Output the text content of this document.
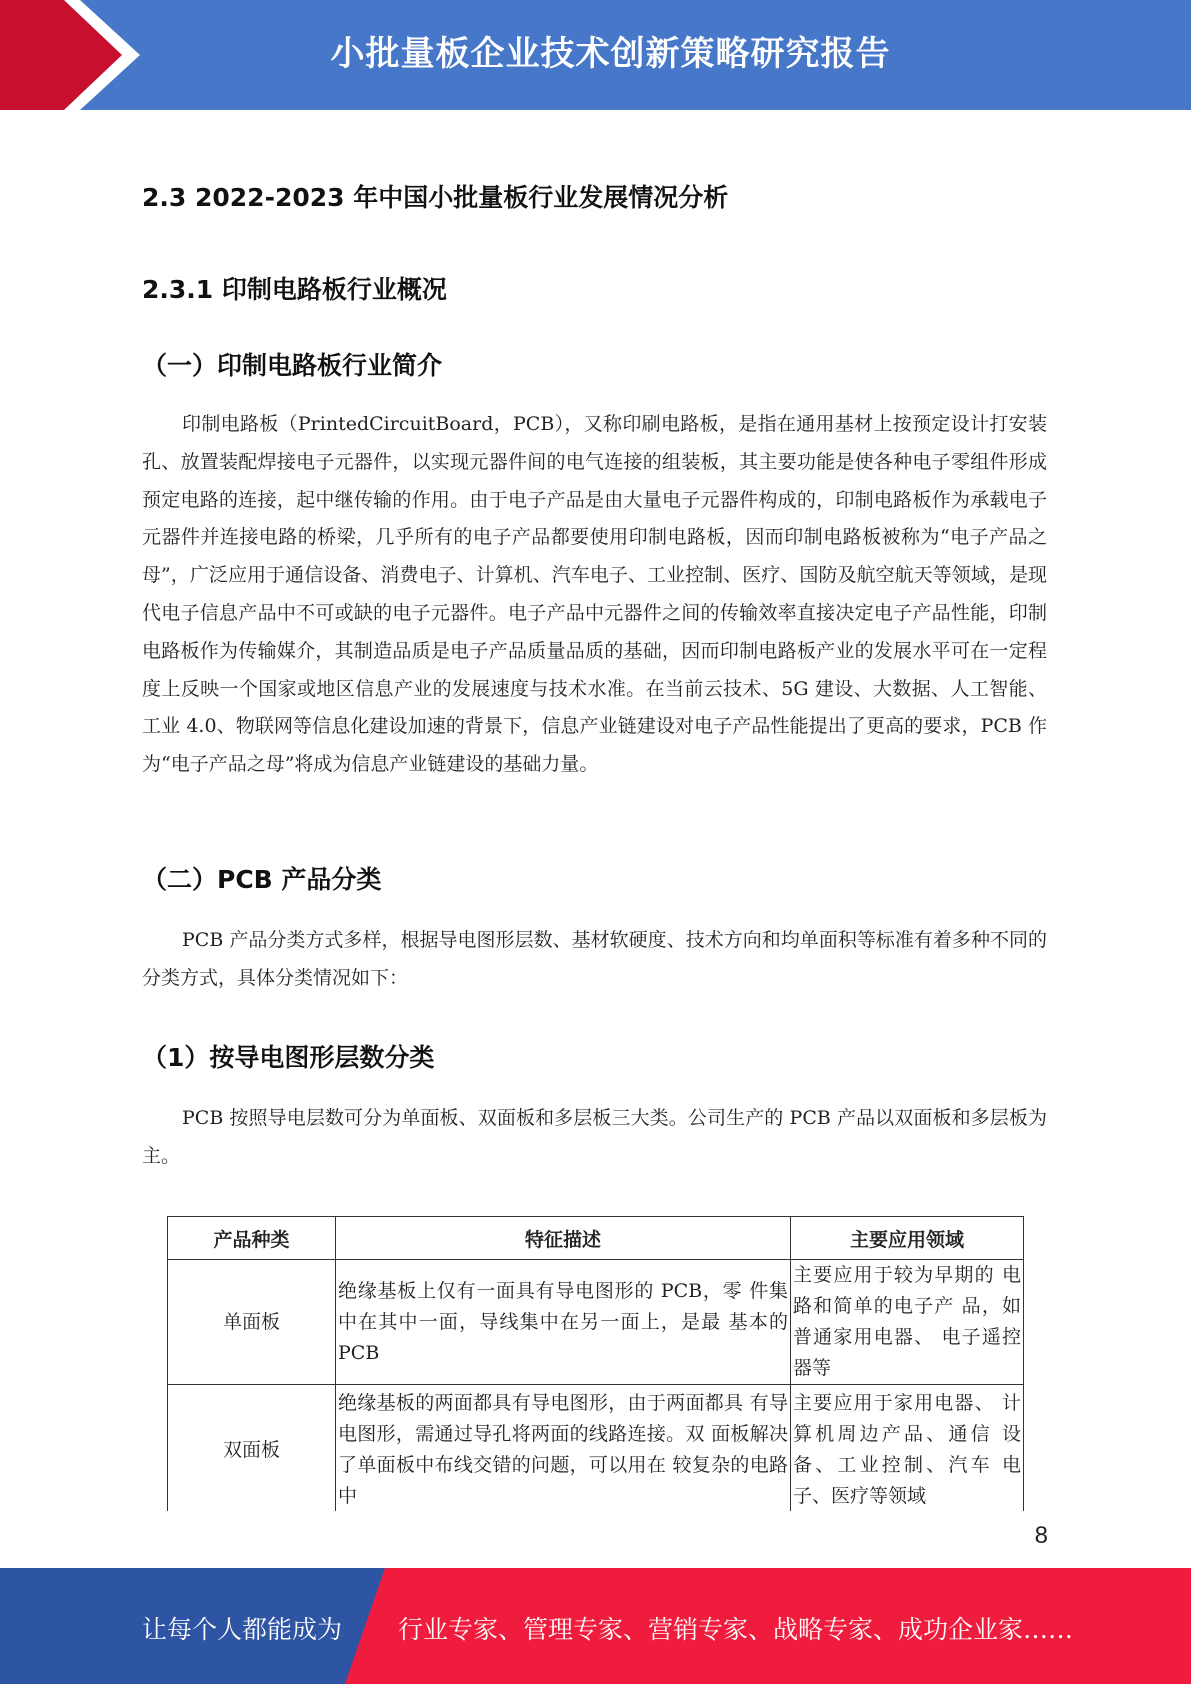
小批量板企业技术创新策略研究报告
2.3 2022-2023 年中国小批量板行业发展情况分析
2.3.1 印制电路板行业概况
（一）印制电路板行业简介

印制电路板（PrintedCircuitBoard，PCB），又称印刷电路板，是指在通用基材上按预定设计打安装孔、放置装配焊接电子元器件，以实现元器件间的电气连接的组装板，其主要功能是使各种电子零组件形成预定电路的连接，起中继传输的作用。由于电子产品是由大量电子元器件构成的，印制电路板作为承载电子元器件并连接电路的桥梁，几乎所有的电子产品都要使用印制电路板，因而印制电路板被称为“电子产品之母”，广泛应用于通信设备、消费电子、计算机、汽车电子、工业控制、医疗、国防及航空航天等领域，是现代电子信息产品中不可或缺的电子元器件。电子产品中元器件之间的传输效率直接决定电子产品性能，印制电路板作为传输媒介，其制造品质是电子产品质量品质的基础，因而印制电路板产业的发展水平可在一定程度上反映一个国家或地区信息产业的发展速度与技术水准。在当前云技术、5G 建设、大数据、人工智能、工业 4.0、物联网等信息化建设加速的背景下，信息产业链建设对电子产品性能提出了更高的要求，PCB 作为“电子产品之母”将成为信息产业链建设的基础力量。

（二）PCB 产品分类

PCB 产品分类方式多样，根据导电图形层数、基材软硬度、技术方向和均单面积等标准有着多种不同的分类方式，具体分类情况如下：

（1）按导电图形层数分类

PCB 按照导电层数可分为单面板、双面板和多层板三大类。公司生产的 PCB 产品以双面板和多层板为主。

产品种类	特征描述	主要应用领域
单面板	绝缘基板上仅有一面具有导电图形的 PCB，零 件集中在其中一面，导线集中在另一面上，是最 基本的 PCB	主要应用于较为早期的 电路和简单的电子产 品，如普通家用电器、 电子遥控器等
双面板	绝缘基板的两面都具有导电图形，由于两面都具 有导电图形，需通过导孔将两面的线路连接。双 面板解决了单面板中布线交错的问题，可以用在 较复杂的电路中	主要应用于家用电器、 计算机周边产品、通信 设备、工业控制、汽车 电子、医疗等领域
8
让每个人都能成为 行业专家、管理专家、营销专家、战略专家、成功企业家……
